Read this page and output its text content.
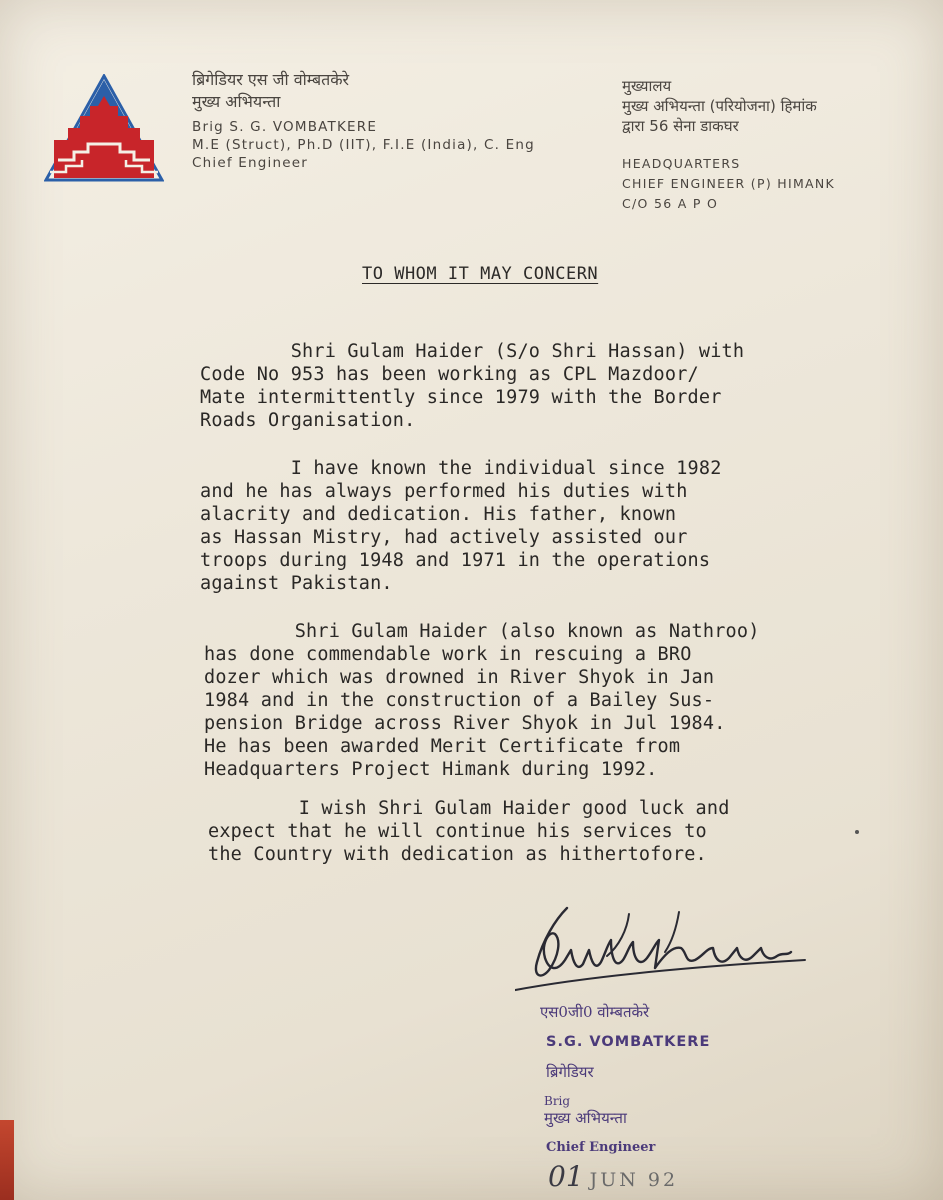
ब्रिगेडियर एस जी वोम्बतकेरे
मुख्य अभियन्ता
Brig S. G. VOMBATKERE
M.E (Struct), Ph.D (IIT), F.I.E (India), C. Eng
Chief Engineer
मुख्यालय
मुख्य अभियन्ता (परियोजना) हिमांक
द्वारा 56 सेना डाकघर
HEADQUARTERS
CHIEF ENGINEER (P) HIMANK
C/O 56 A P O
TO WHOM IT MAY CONCERN
Shri Gulam Haider (S/o Shri Hassan) with
Code No 953 has been working as CPL Mazdoor/
Mate intermittently since 1979 with the Border
Roads Organisation.
I have known the individual since 1982
and he has always performed his duties with
alacrity and dedication. His father, known
as Hassan Mistry, had actively assisted our
troops during 1948 and 1971 in the operations
against Pakistan.
Shri Gulam Haider (also known as Nathroo)
has done commendable work in rescuing a BRO
dozer which was drowned in River Shyok in Jan
1984 and in the construction of a Bailey Sus-
pension Bridge across River Shyok in Jul 1984.
He has been awarded Merit Certificate from
Headquarters Project Himank during 1992.
I wish Shri Gulam Haider good luck and
expect that he will continue his services to
the Country with dedication as hithertofore.
एस0जी0 वोम्बतकेरे
S.G. VOMBATKERE
ब्रिगेडियर
Brig
मुख्य अभियन्ता
Chief Engineer
01 JUN 92
